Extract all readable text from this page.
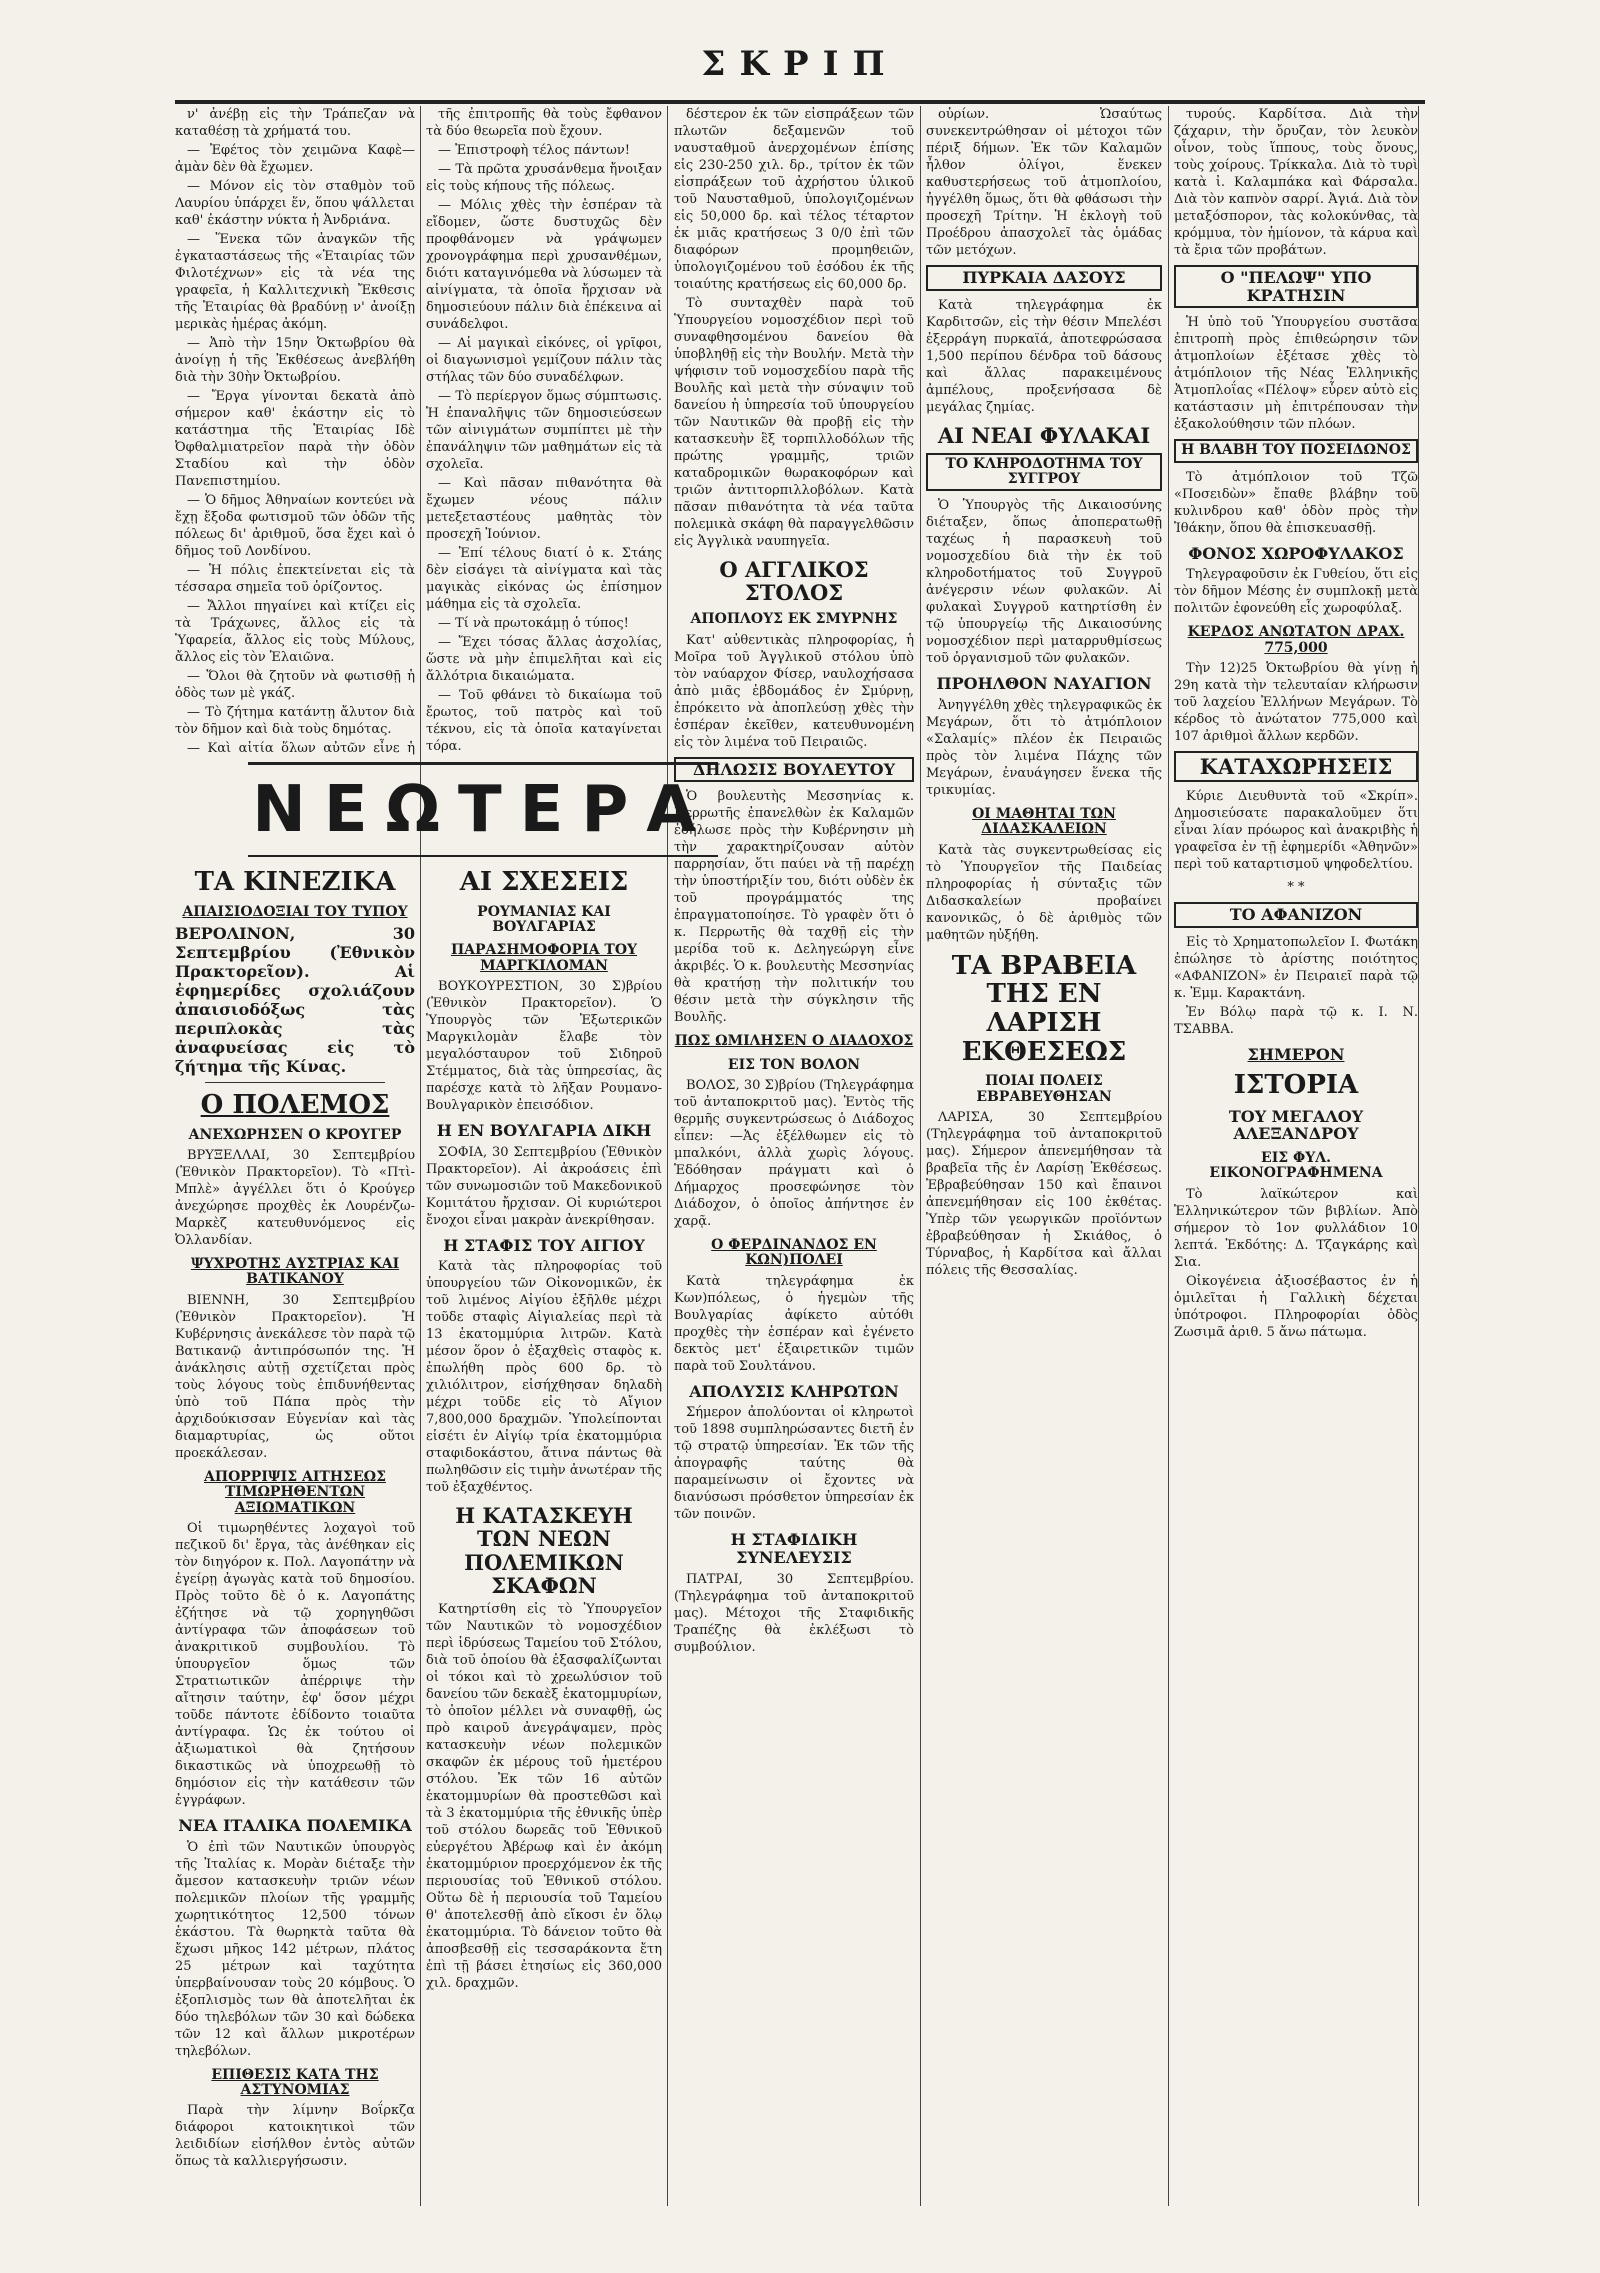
ΣΚΡΙΠ

ν' ἀνέβῃ εἰς τὴν Τράπεζαν νὰ καταθέσῃ τὰ χρήματά του.

— Ἐφέτος τὸν χειμῶνα Καφὲ—ἀμὰν δὲν θὰ ἔχωμεν.

— Μόνον εἰς τὸν σταθμὸν τοῦ Λαυρίου ὑπάρχει ἕν, ὅπου ψάλλεται καθ' ἑκάστην νύκτα ἡ Ἀνδριάνα.

— Ἕνεκα τῶν ἀναγκῶν τῆς ἐγκαταστάσεως τῆς «Ἑταιρίας τῶν Φιλοτέχνων» εἰς τὰ νέα της γραφεῖα, ἡ Καλλιτεχνικὴ Ἔκθεσις τῆς Ἑταιρίας θὰ βραδύνῃ ν' ἀνοίξῃ μερικὰς ἡμέρας ἀκόμη.

— Ἀπὸ τὴν 15ην Ὀκτωβρίου θὰ ἀνοίγῃ ἡ τῆς Ἐκθέσεως ἀνεβλήθη διὰ τὴν 30ὴν Ὀκτωβρίου.

— Ἔργα γίνονται δεκατὰ ἀπὸ σήμερον καθ' ἑκάστην εἰς τὸ κατάστημα τῆς Ἑταιρίας Ιδὲ Ὀφθαλμιατρεῖον παρὰ τὴν ὁδὸν Σταδίου καὶ τὴν ὁδὸν Πανεπιστημίου.

— Ὁ δῆμος Ἀθηναίων κοντεύει νὰ ἔχῃ ἔξοδα φωτισμοῦ τῶν ὁδῶν τῆς πόλεως δι' ἀριθμοῦ, ὅσα ἔχει καὶ ὁ δῆμος τοῦ Λονδίνου.

— Ἡ πόλις ἐπεκτείνεται εἰς τὰ τέσσαρα σημεῖα τοῦ ὁρίζοντος.

— Ἄλλοι πηγαίνει καὶ κτίζει εἰς τὰ Τράχωνες, ἄλλος εἰς τὰ Ὑφαρεία, ἄλλος εἰς τοὺς Μύλους, ἄλλος εἰς τὸν Ἐλαιῶνα.

— Ὅλοι θὰ ζητοῦν νὰ φωτισθῇ ἡ ὁδὸς των μὲ γκάζ.

— Τὸ ζήτημα κατάντῃ ἄλυτον διὰ τὸν δῆμον καὶ διὰ τοὺς δημότας.

— Καὶ αἰτία ὅλων αὐτῶν εἶνε ἡ

τῆς ἐπιτροπῆς θὰ τοὺς ἔφθανον τὰ δύο θεωρεῖα ποὺ ἔχουν.

— Ἐπιστροφὴ τέλος πάντων!

— Τὰ πρῶτα χρυσάνθεμα ἤνοιξαν εἰς τοὺς κήπους τῆς πόλεως.

— Μόλις χθὲς τὴν ἑσπέραν τὰ εἴδομεν, ὥστε δυστυχῶς δὲν προφθάνομεν νὰ γράψωμεν χρονογράφημα περὶ χρυσανθέμων, διότι καταγινόμεθα νὰ λύσωμεν τὰ αἰνίγματα, τὰ ὁποῖα ἤρχισαν νὰ δημοσιεύουν πάλιν διὰ ἐπέκεινα αἱ συνάδελφοι.

— Αἱ μαγικαὶ εἰκόνες, οἱ γρῖφοι, οἱ διαγωνισμοὶ γεμίζουν πάλιν τὰς στήλας τῶν δύο συναδέλφων.

— Τὸ περίεργον ὅμως σύμπτωσις. Ἡ ἐπαναλῆψις τῶν δημοσιεύσεων τῶν αἰνιγμάτων συμπίπτει μὲ τὴν ἐπανάληψιν τῶν μαθημάτων εἰς τὰ σχολεῖα.

— Καὶ πᾶσαν πιθανότητα θὰ ἔχωμεν νέους πάλιν μετεξεταστέους μαθητὰς τὸν προσεχῆ Ἰούνιον.

— Ἐπί τέλους διατί ὁ κ. Στάης δὲν εἰσάγει τὰ αἰνίγματα καὶ τὰς μαγικὰς εἰκόνας ὡς ἐπίσημον μάθημα εἰς τὰ σχολεῖα.

— Τί νὰ πρωτοκάμῃ ὁ τύπος!

— Ἔχει τόσας ἄλλας ἀσχολίας, ὥστε νὰ μὴν ἐπιμελῆται καὶ εἰς ἄλλότρια δικαιώματα.

— Τοῦ φθάνει τὸ δικαίωμα τοῦ ἔρωτος, τοῦ πατρὸς καὶ τοῦ τέκνου, εἰς τὰ ὁποῖα καταγίνεται τόρα.

ΝΕΩΤΕΡΑ
ΤΑ ΚΙΝΕΖΙΚΑ
ΑΠΑΙΣΙΟΔΟΞΙΑΙ ΤΟΥ ΤΥΠΟΥ

ΒΕΡΟΛΙΝΟΝ, 30 Σεπτεμβρίου (Ἐθνικὸν Πρακτορεῖον). Αἱ ἐφημερίδες σχολιάζουν ἀπαισιοδόξως τὰς περιπλοκὰς τὰς ἀναφυείσας εἰς τὸ ζήτημα τῆς Κίνας.

Ο ΠΟΛΕΜΟΣ
ΑΝΕΧΩΡΗΣΕΝ Ο ΚΡΟΥΓΕΡ

ΒΡΥΞΕΛΛΑΙ, 30 Σεπτεμβρίου (Ἐθνικὸν Πρακτορεῖον). Τὸ «Πτὶ-Μπλὲ» ἀγγέλλει ὅτι ὁ Κρούγερ ἀνεχώρησε προχθὲς ἐκ Λουρένζω-Μαρκὲζ κατευθυνόμενος εἰς Ὀλλανδίαν.

ΨΥΧΡΟΤΗΣ ΑΥΣΤΡΙΑΣ ΚΑΙ ΒΑΤΙΚΑΝΟΥ

ΒΙΕΝΝΗ, 30 Σεπτεμβρίου (Ἐθνικὸν Πρακτορεῖον). Ἡ Κυβέρνησις ἀνεκάλεσε τὸν παρὰ τῷ Βατικανῷ ἀντιπρόσωπόν της. Ἡ ἀνάκλησις αὐτῇ σχετίζεται πρὸς τοὺς λόγους τοὺς ἐπιδυνήθεντας ὑπὸ τοῦ Πάπα πρὸς τὴν ἀρχιδούκισσαν Εὐγενίαν καὶ τὰς διαμαρτυρίας, ὡς οὕτοι προεκάλεσαν.

ΑΠΟΡΡΙΨΙΣ ΑΙΤΗΣΕΩΣ ΤΙΜΩΡΗΘΕΝΤΩΝ ΑΞΙΩΜΑΤΙΚΩΝ

Οἱ τιμωρηθέντες λοχαγοὶ τοῦ πεζικοῦ δι' ἔργα, τὰς ἀνέθηκαν εἰς τὸν διηγόρον κ. Πολ. Λαγοπάτην νὰ ἐγείρῃ ἀγωγὰς κατὰ τοῦ δημοσίου. Πρὸς τοῦτο δὲ ὁ κ. Λαγοπάτης ἐζήτησε νὰ τῷ χορηγηθῶσι ἀντίγραφα τῶν ἀποφάσεων τοῦ ἀνακριτικοῦ συμβουλίου. Τὸ ὑπουργεῖον ὅμως τῶν Στρατιωτικῶν ἀπέρριψε τὴν αἴτησιν ταύτην, ἐφ' ὅσον μέχρι τοῦδε πάντοτε ἐδίδοντο τοιαῦτα ἀντίγραφα. Ὡς ἐκ τούτου οἱ ἀξιωματικοὶ θὰ ζητήσουν δικαστικῶς νὰ ὑποχρεωθῇ τὸ δημόσιον εἰς τὴν κατάθεσιν τῶν ἐγγράφων.

ΝΕΑ ΙΤΑΛΙΚΑ ΠΟΛΕΜΙΚΑ

Ὁ ἐπὶ τῶν Ναυτικῶν ὑπουργὸς τῆς Ἰταλίας κ. Μορὰν διέταξε τὴν ἄμεσον κατασκευὴν τριῶν νέων πολεμικῶν πλοίων τῆς γραμμῆς χωρητικότητος 12,500 τόνων ἑκάστου. Τὰ θωρηκτὰ ταῦτα θὰ ἔχωσι μῆκος 142 μέτρων, πλάτος 25 μέτρων καὶ ταχύτητα ὑπερβαίνουσαν τοὺς 20 κόμβους. Ὁ ἐξοπλισμὸς των θὰ ἀποτελῆται ἐκ δύο τηλεβόλων τῶν 30 καὶ δώδεκα τῶν 12 καὶ ἄλλων μικροτέρων τηλεβόλων.

ΕΠΙΘΕΣΙΣ ΚΑΤΑ ΤΗΣ ΑΣΤΥΝΟΜΙΑΣ

Παρὰ τὴν λίμνην Βοΐρκζα διάφοροι κατοικητικοὶ τῶν λειδιδίων εἰσήλθον ἐντὸς αὐτῶν ὅπως τὰ καλλιεργήσωσιν.

ΑΙ ΣΧΕΣΕΙΣ
ΡΟΥΜΑΝΙΑΣ ΚΑΙ ΒΟΥΛΓΑΡΙΑΣ
ΠΑΡΑΣΗΜΟΦΟΡΙΑ ΤΟΥ ΜΑΡΓΚΙΛΟΜΑΝ

ΒΟΥΚΟΥΡΕΣΤΙΟΝ, 30 Σ)βρίου (Ἐθνικὸν Πρακτορεῖον). Ὁ Ὑπουργὸς τῶν Ἐξωτερικῶν Μαργκιλομὰν ἔλαβε τὸν μεγαλόσταυρον τοῦ Σιδηροῦ Στέμματος, διὰ τὰς ὑπηρεσίας, ἃς παρέσχε κατὰ τὸ λῆξαν Ρουμανο-Βουλγαρικὸν ἐπεισόδιον.

Η ΕΝ ΒΟΥΛΓΑΡΙΑ ΔΙΚΗ

ΣΟΦΙΑ, 30 Σεπτεμβρίου (Ἐθνικὸν Πρακτορεῖον). Αἱ ἀκροάσεις ἐπὶ τῶν συνωμοσιῶν τοῦ Μακεδονικοῦ Κομιτάτου ἤρχισαν. Οἱ κυριώτεροι ἔνοχοι εἶναι μακρὰν ἀνεκρίθησαν.

Η ΣΤΑΦΙΣ ΤΟΥ ΑΙΓΙΟΥ

Κατὰ τὰς πληροφορίας τοῦ ὑπουργείου τῶν Οἰκονομικῶν, ἐκ τοῦ λιμένος Αἰγίου ἐξῆλθε μέχρι τοῦδε σταφὶς Αἰγιαλείας περὶ τὰ 13 ἑκατομμύρια λιτρῶν. Κατὰ μέσον ὅρον ὁ ἐξαχθεὶς σταφὸς κ. ἐπωλήθη πρὸς 600 δρ. τὸ χιλιόλιτρον, εἰσήχθησαν δηλαδὴ μέχρι τοῦδε εἰς τὸ Αἴγιον 7,800,000 δραχμῶν. Ὑπολείπονται εἰσέτι ἐν Αἰγίῳ τρία ἑκατομμύρια σταφιδοκάστου, ἄτινα πάντως θὰ πωληθῶσιν εἰς τιμὴν ἀνωτέραν τῆς τοῦ ἐξαχθέντος.

Η ΚΑΤΑΣΚΕΥΗ ΤΩΝ ΝΕΩΝ ΠΟΛΕΜΙΚΩΝ ΣΚΑΦΩΝ

Κατηρτίσθη εἰς τὸ Ὑπουργεῖον τῶν Ναυτικῶν τὸ νομοσχέδιον περὶ ἱδρύσεως Ταμείου τοῦ Στόλου, διὰ τοῦ ὁποίου θὰ ἐξασφαλίζωνται οἱ τόκοι καὶ τὸ χρεωλύσιον τοῦ δανείου τῶν δεκαὲξ ἑκατομμυρίων, τὸ ὁποῖον μέλλει νὰ συναφθῇ, ὡς πρὸ καιροῦ ἀνεγράψαμεν, πρὸς κατασκευὴν νέων πολεμικῶν σκαφῶν ἐκ μέρους τοῦ ἡμετέρου στόλου. Ἐκ τῶν 16 αὐτῶν ἑκατομμυρίων θὰ προστεθῶσι καὶ τὰ 3 ἑκατομμύρια τῆς ἐθνικῆς ὑπὲρ τοῦ στόλου δωρεᾶς τοῦ Ἐθνικοῦ εὐεργέτου Ἀβέρωφ καὶ ἐν ἀκόμη ἑκατομμύριον προερχόμενον ἐκ τῆς περιουσίας τοῦ Ἐθνικοῦ στόλου. Οὕτω δὲ ἡ περιουσία τοῦ Ταμείου θ' ἀποτελεσθῇ ἀπὸ εἴκοσι ἐν ὅλῳ ἑκατομμύρια. Τὸ δάνειον τοῦτο θὰ ἀποσβεσθῇ εἰς τεσσαράκοντα ἔτη ἐπὶ τῇ βάσει ἐτησίως εἰς 360,000 χιλ. δραχμῶν.

δέστερον ἐκ τῶν εἰσπράξεων τῶν πλωτῶν δεξαμενῶν τοῦ ναυσταθμοῦ ἀνερχομένων ἐπίσης εἰς 230-250 χιλ. δρ., τρίτον ἐκ τῶν εἰσπράξεων τοῦ ἀχρήστου ὑλικοῦ τοῦ Ναυσταθμοῦ, ὑπολογιζομένων εἰς 50,000 δρ. καὶ τέλος τέταρτον ἐκ μιᾶς κρατήσεως 3 0/0 ἐπὶ τῶν διαφόρων προμηθειῶν, ὑπολογιζομένου τοῦ ἐσόδου ἐκ τῆς τοιαύτης κρατήσεως εἰς 60,000 δρ.

Τὸ συνταχθὲν παρὰ τοῦ Ὑπουργείου νομοσχέδιον περὶ τοῦ συναφθησομένου δανείου θὰ ὑποβληθῇ εἰς τὴν Βουλήν. Μετὰ τὴν ψήφισιν τοῦ νομοσχεδίου παρὰ τῆς Βουλῆς καὶ μετὰ τὴν σύναψιν τοῦ δανείου ἡ ὑπηρεσία τοῦ ὑπουργείου τῶν Ναυτικῶν θὰ προβῇ εἰς τὴν κατασκευὴν ἓξ τορπιλλοδόλων τῆς πρώτης γραμμῆς, τριῶν καταδρομικῶν θωρακοφόρων καὶ τριῶν ἀντιτορπιλλοβόλων. Κατὰ πᾶσαν πιθανότητα τὰ νέα ταῦτα πολεμικὰ σκάφη θὰ παραγγελθῶσιν εἰς Ἀγγλικὰ ναυπηγεῖα.

Ο ΑΓΓΛΙΚΟΣ ΣΤΟΛΟΣ
ΑΠΟΠΛΟΥΣ ΕΚ ΣΜΥΡΝΗΣ

Κατ' αὐθεντικὰς πληροφορίας, ἡ Μοῖρα τοῦ Ἀγγλικοῦ στόλου ὑπὸ τὸν ναύαρχον Φίσερ, ναυλοχήσασα ἀπὸ μιᾶς ἑβδομάδος ἐν Σμύρνῃ, ἐπρόκειτο νὰ ἀποπλεύσῃ χθὲς τὴν ἑσπέραν ἐκεῖθεν, κατευθυνομένη εἰς τὸν λιμένα τοῦ Πειραιῶς.

ΔΗΛΩΣΙΣ ΒΟΥΛΕΥΤΟΥ

Ὁ βουλευτὴς Μεσσηνίας κ. Περρωτῆς ἐπανελθὼν ἐκ Καλαμῶν ἐδήλωσε πρὸς τὴν Κυβέρνησιν μὴ τὴν χαρακτηρίζουσαν αὐτὸν παρρησίαν, ὅτι παύει νὰ τῇ παρέχῃ τὴν ὑποστήριξίν του, διότι οὐδὲν ἐκ τοῦ προγράμματός της ἐπραγματοποίησε. Τὸ γραφὲν ὅτι ὁ κ. Περρωτῆς θὰ ταχθῇ εἰς τὴν μερίδα τοῦ κ. Δεληγεώργη εἶνε ἀκριβές. Ὁ κ. βουλευτὴς Μεσσηνίας θὰ κρατήσῃ τὴν πολιτικήν του θέσιν μετὰ τὴν σύγκλησιν τῆς Βουλῆς.

ΠΩΣ ΩΜΙΛΗΣΕΝ Ο ΔΙΑΔΟΧΟΣ
ΕΙΣ ΤΟΝ ΒΟΛΟΝ

ΒΟΛΟΣ, 30 Σ)βρίου (Τηλεγράφημα τοῦ ἀνταποκριτοῦ μας). Ἐντὸς τῆς θερμῆς συγκεντρώσεως ὁ Διάδοχος εἶπεν: —Ἀς ἐξέλθωμεν εἰς τὸ μπαλκόνι, ἀλλὰ χωρὶς λόγους. Ἐδόθησαν πράγματι καὶ ὁ Δήμαρχος προσεφώνησε τὸν Διάδοχον, ὁ ὁποῖος ἀπήντησε ἐν χαρᾷ.

Ο ΦΕΡΔΙΝΑΝΔΟΣ ΕΝ ΚΩΝ)ΠΟΛΕΙ

Κατὰ τηλεγράφημα ἐκ Κων)πόλεως, ὁ ἡγεμὼν τῆς Βουλγαρίας ἀφίκετο αὐτόθι προχθὲς τὴν ἑσπέραν καὶ ἐγένετο δεκτὸς μετ' ἐξαιρετικῶν τιμῶν παρὰ τοῦ Σουλτάνου.

ΑΠΟΛΥΣΙΣ ΚΛΗΡΩΤΩΝ

Σήμερον ἀπολύονται οἱ κληρωτοὶ τοῦ 1898 συμπληρώσαντες διετῆ ἐν τῷ στρατῷ ὑπηρεσίαν. Ἐκ τῶν τῆς ἀπογραφῆς ταύτης θὰ παραμείνωσιν οἱ ἔχοντες νὰ διανύσωσι πρόσθετον ὑπηρεσίαν ἐκ τῶν ποινῶν.

Η ΣΤΑΦΙΔΙΚΗ ΣΥΝΕΛΕΥΣΙΣ

ΠΑΤΡΑΙ, 30 Σεπτεμβρίου. (Τηλεγράφημα τοῦ ἀνταποκριτοῦ μας). Μέτοχοι τῆς Σταφιδικῆς Τραπέζης θὰ ἐκλέξωσι τὸ συμβούλιον.

οὐρίων. Ὡσαύτως συνεκεντρώθησαν οἱ μέτοχοι τῶν πέριξ δήμων. Ἐκ τῶν Καλαμῶν ἦλθον ὀλίγοι, ἕνεκεν καθυστερήσεως τοῦ ἀτμοπλοίου, ἠγγέλθη ὅμως, ὅτι θὰ φθάσωσι τὴν προσεχῆ Τρίτην. Ἡ ἐκλογὴ τοῦ Προέδρου ἀπασχολεῖ τὰς ὁμάδας τῶν μετόχων.

ΠΥΡΚΑΙΑ ΔΑΣΟΥΣ

Κατὰ τηλεγράφημα ἐκ Καρδιτσῶν, εἰς τὴν θέσιν Μπελέσι ἐξερράγη πυρκαϊά, ἀποτεφρώσασα 1,500 περίπου δένδρα τοῦ δάσους καὶ ἄλλας παρακειμένους ἀμπέλους, προξενήσασα δὲ μεγάλας ζημίας.

ΑΙ ΝΕΑΙ ΦΥΛΑΚΑΙ
ΤΟ ΚΛΗΡΟΔΟΤΗΜΑ ΤΟΥ ΣΥΓΓΡΟΥ

Ὁ Ὑπουργὸς τῆς Δικαιοσύνης διέταξεν, ὅπως ἀποπερατωθῇ ταχέως ἡ παρασκευὴ τοῦ νομοσχεδίου διὰ τὴν ἐκ τοῦ κληροδοτήματος τοῦ Συγγροῦ ἀνέγερσιν νέων φυλακῶν. Αἱ φυλακαὶ Συγγροῦ κατηρτίσθη ἐν τῷ ὑπουργείῳ τῆς Δικαιοσύνης νομοσχέδιον περὶ ματαρρυθμίσεως τοῦ ὀργανισμοῦ τῶν φυλακῶν.

ΠΡΟΗΛΘΟΝ ΝΑΥΑΓΙΟΝ

Ἀνηγγέλθη χθὲς τηλεγραφικῶς ἐκ Μεγάρων, ὅτι τὸ ἀτμόπλοιον «Σαλαμίς» πλέον ἐκ Πειραιῶς πρὸς τὸν λιμένα Πάχης τῶν Μεγάρων, ἐναυάγησεν ἕνεκα τῆς τρικυμίας.

ΟΙ ΜΑΘΗΤΑΙ ΤΩΝ ΔΙΔΑΣΚΑΛΕΙΩΝ

Κατὰ τὰς συγκεντρωθείσας εἰς τὸ Ὑπουργεῖον τῆς Παιδείας πληροφορίας ἡ σύνταξις τῶν Διδασκαλείων προβαίνει κανονικῶς, ὁ δὲ ἀριθμὸς τῶν μαθητῶν ηὐξήθη.

ΤΑ ΒΡΑΒΕΙΑ ΤΗΣ ΕΝ ΛΑΡΙΣΗ ΕΚΘΕΣΕΩΣ
ΠΟΙΑΙ ΠΟΛΕΙΣ ΕΒΡΑΒΕΥΘΗΣΑΝ

ΛΑΡΙΣΑ, 30 Σεπτεμβρίου (Τηλεγράφημα τοῦ ἀνταποκριτοῦ μας). Σήμερον ἀπενεμήθησαν τὰ βραβεῖα τῆς ἐν Λαρίσῃ Ἐκθέσεως. Ἐβραβεύθησαν 150 καὶ ἔπαινοι ἀπενεμήθησαν εἰς 100 ἐκθέτας. Ὑπὲρ τῶν γεωργικῶν προϊόντων ἐβραβεύθησαν ἡ Σκιάθος, ὁ Τύρναβος, ἡ Καρδίτσα καὶ ἄλλαι πόλεις τῆς Θεσσαλίας.

τυρούς. Καρδίτσα. Διὰ τὴν ζάχαριν, τὴν ὄρυζαν, τὸν λευκὸν οἶνον, τοὺς ἵππους, τοὺς ὄνους, τοὺς χοίρους. Τρίκκαλα. Διὰ τὸ τυρὶ κατὰ ἰ. Καλαμπάκα καὶ Φάρσαλα. Διὰ τὸν καπνὸν σαρρί. Ἀγιά. Διὰ τὸν μεταξόσπορον, τὰς κολοκύνθας, τὰ κρόμμυα, τὸν ἡμίονον, τὰ κάρυα καὶ τὰ ἔρια τῶν προβάτων.

Ο "ΠΕΛΩΨ" ΥΠΟ ΚΡΑΤΗΣΙΝ

Ἡ ὑπὸ τοῦ Ὑπουργείου συστᾶσα ἐπιτροπὴ πρὸς ἐπιθεώρησιν τῶν ἀτμοπλοίων ἐξέτασε χθὲς τὸ ἀτμόπλοιον τῆς Νέας Ἑλληνικῆς Ἀτμοπλοΐας «Πέλοψ» εὗρεν αὐτὸ εἰς κατάστασιν μὴ ἐπιτρέπουσαν τὴν ἐξακολούθησιν τῶν πλόων.

Η ΒΛΑΒΗ ΤΟΥ ΠΟΣΕΙΔΩΝΟΣ

Τὸ ἀτμόπλοιον τοῦ Τζῶ «Ποσειδὼν» ἔπαθε βλάβην τοῦ κυλινδρου καθ' ὁδὸν πρὸς τὴν Ἰθάκην, ὅπου θὰ ἐπισκευασθῇ.

ΦΟΝΟΣ ΧΩΡΟΦΥΛΑΚΟΣ

Τηλεγραφοῦσιν ἐκ Γυθείου, ὅτι εἰς τὸν δῆμον Μέσης ἐν συμπλοκῇ μετὰ πολιτῶν ἐφονεύθη εἷς χωροφύλαξ.

ΚΕΡΔΟΣ ΑΝΩΤΑΤΟΝ ΔΡΑΧ. 775,000

Τὴν 12)25 Ὀκτωβρίου θὰ γίνῃ ἡ 29η κατὰ τὴν τελευταίαν κλήρωσιν τοῦ λαχείου Ἐλλήνων Μεγάρων. Τὸ κέρδος τὸ ἀνώτατον 775,000 καὶ 107 ἀριθμοὶ ἄλλων κερδῶν.

ΚΑΤΑΧΩΡΗΣΕΙΣ

Κύριε Διευθυντὰ τοῦ «Σκρίπ». Δημοσιεύσατε παρακαλοῦμεν ὅτι εἶναι λίαν πρόωρος καὶ ἀνακριβὴς ἡ γραφεῖσα ἐν τῇ ἐφημερίδι «Ἀθηνῶν» περὶ τοῦ καταρτισμοῦ ψηφοδελτίου.

* *
ΤΟ ΑΦΑΝΙΖΟΝ

Εἰς τὸ Χρηματοπωλεῖον Ι. Φωτάκη ἐπώλησε τὸ ἀρίστης ποιότητος «ΑΦΑΝΙΖΟΝ» ἐν Πειραιεῖ παρὰ τῷ κ. Ἐμμ. Καρακτάνη.

Ἐν Βόλῳ παρὰ τῷ κ. Ι. Ν. ΤΣΑΒΒΑ.

ΣΗΜΕΡΟΝ
ΙΣΤΟΡΙΑ
ΤΟΥ ΜΕΓΑΛΟΥ ΑΛΕΞΑΝΔΡΟΥ
ΕΙΣ ΦΥΛ. ΕΙΚΟΝΟΓΡΑΦΗΜΕΝΑ

Τὸ λαϊκώτερον καὶ Ἑλληνικώτερον τῶν βιβλίων. Ἀπὸ σήμερον τὸ 1ον φυλλάδιον 10 λεπτά. Ἐκδότης: Δ. Τζαγκάρης καὶ Σια.

Οἰκογένεια ἀξιοσέβαστος ἐν ἡ ὁμιλεῖται ἡ Γαλλικὴ δέχεται ὑπότροφοι. Πληροφορίαι ὁδὸς Ζωσιμᾶ ἀριθ. 5 ἄνω πάτωμα.
